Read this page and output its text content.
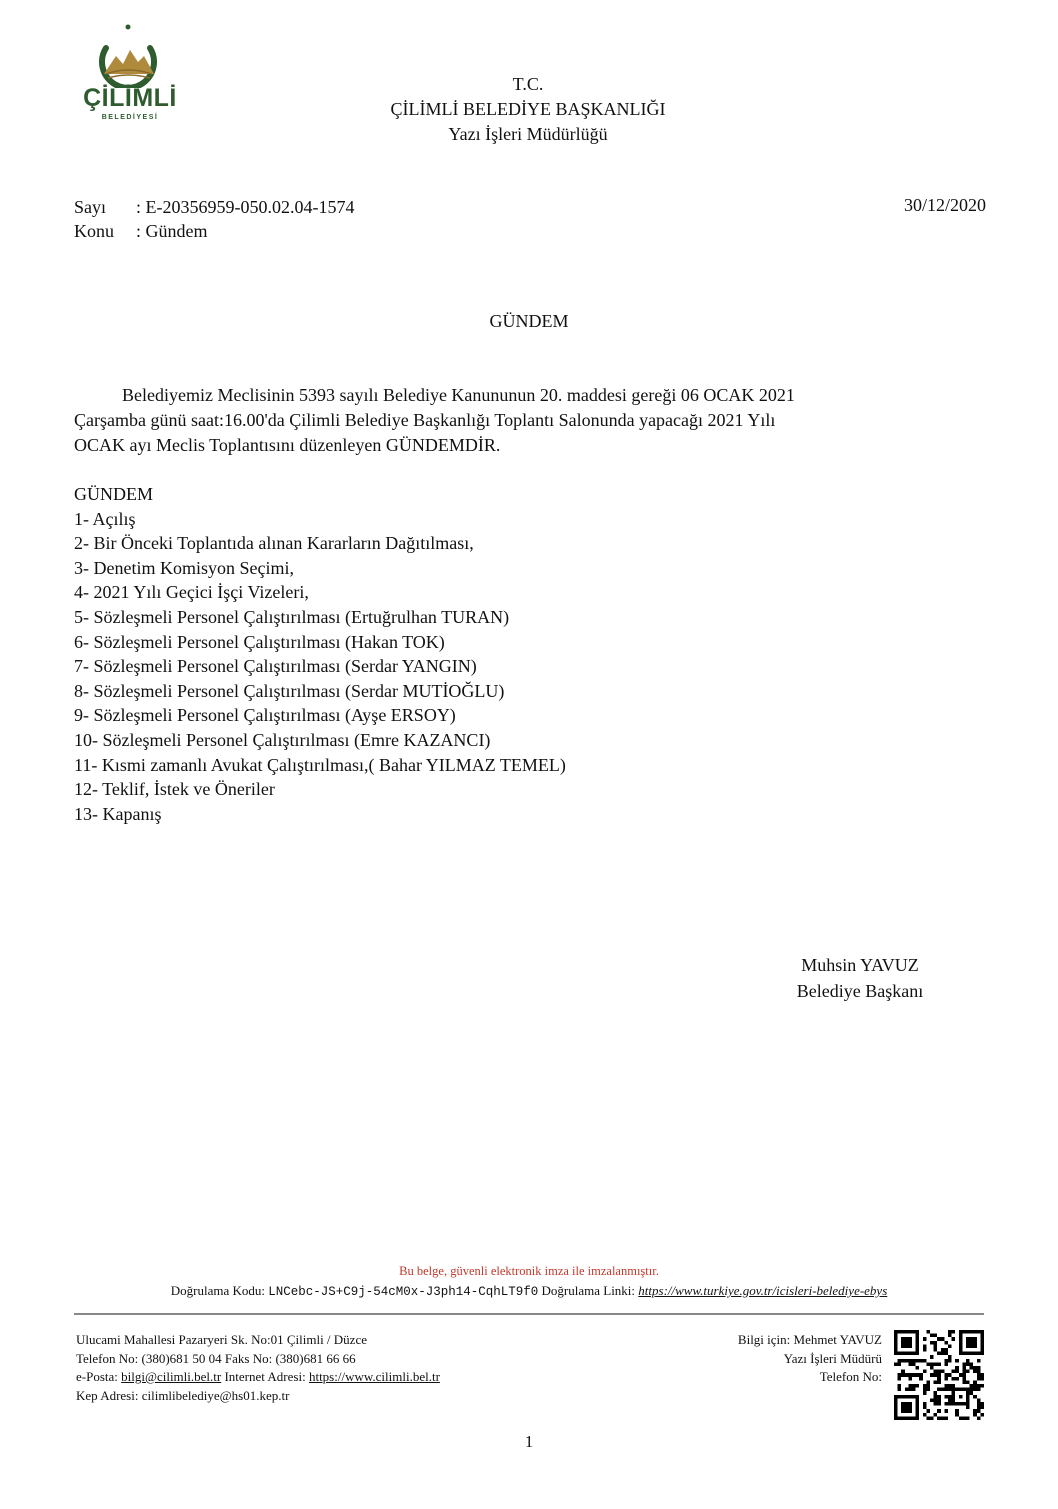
ÇİLİMLİ
BELEDİYESİ
T.C.
ÇİLİMLİ BELEDİYE BAŞKANLIĞI
Yazı İşleri Müdürlüğü
Sayı : E-20356959-050.02.04-1574
Konu : Gündem
30/12/2020
GÜNDEM
Belediyemiz Meclisinin 5393 sayılı Belediye Kanununun 20. maddesi gereği 06 OCAK 2021
Çarşamba günü saat:16.00'da Çilimli Belediye Başkanlığı Toplantı Salonunda yapacağı 2021 Yılı
OCAK ayı Meclis Toplantısını düzenleyen GÜNDEMDİR.
GÜNDEM
1- Açılış
2- Bir Önceki Toplantıda alınan Kararların Dağıtılması,
3- Denetim Komisyon Seçimi,
4- 2021 Yılı Geçici İşçi Vizeleri,
5- Sözleşmeli Personel Çalıştırılması (Ertuğrulhan TURAN)
6- Sözleşmeli Personel Çalıştırılması (Hakan TOK)
7- Sözleşmeli Personel Çalıştırılması (Serdar YANGIN)
8- Sözleşmeli Personel Çalıştırılması (Serdar MUTİOĞLU)
9- Sözleşmeli Personel Çalıştırılması (Ayşe ERSOY)
10- Sözleşmeli Personel Çalıştırılması (Emre KAZANCI)
11- Kısmi zamanlı Avukat Çalıştırılması,( Bahar YILMAZ TEMEL)
12- Teklif, İstek ve Öneriler
13- Kapanış
Muhsin YAVUZ
Belediye Başkanı
Bu belge, güvenli elektronik imza ile imzalanmıştır.
Doğrulama Kodu: LNCebc-JS+C9j-54cM0x-J3ph14-CqhLT9f0 Doğrulama Linki: https://www.turkiye.gov.tr/icisleri-belediye-ebys
Ulucami Mahallesi Pazaryeri Sk. No:01 Çilimli / Düzce
Telefon No: (380)681 50 04 Faks No: (380)681 66 66
e-Posta: bilgi@cilimli.bel.tr Internet Adresi: https://www.cilimli.bel.tr
Kep Adresi: cilimlibelediye@hs01.kep.tr
Bilgi için: Mehmet YAVUZ
Yazı İşleri Müdürü
Telefon No:
1
